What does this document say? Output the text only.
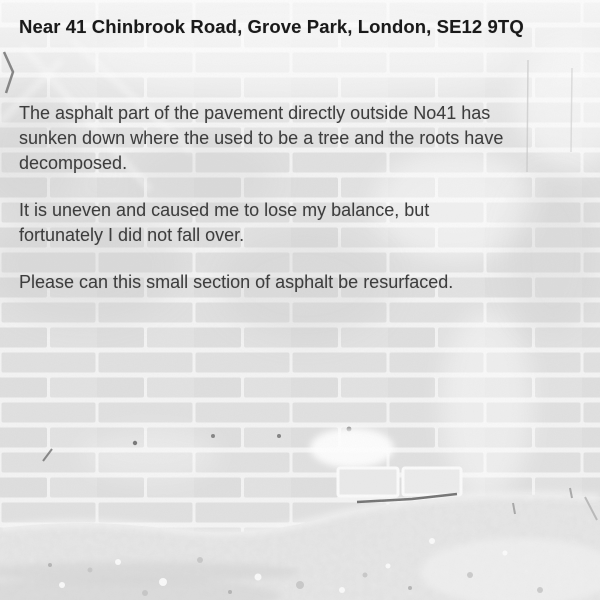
Near 41 Chinbrook Road, Grove Park, London, SE12 9TQ

The asphalt part of the pavement directly outside No41 has
sunken down where the used to be a tree and the roots have
decomposed.

It is uneven and caused me to lose my balance, but
fortunately I did not fall over.

Please can this small section of asphalt be resurfaced.
